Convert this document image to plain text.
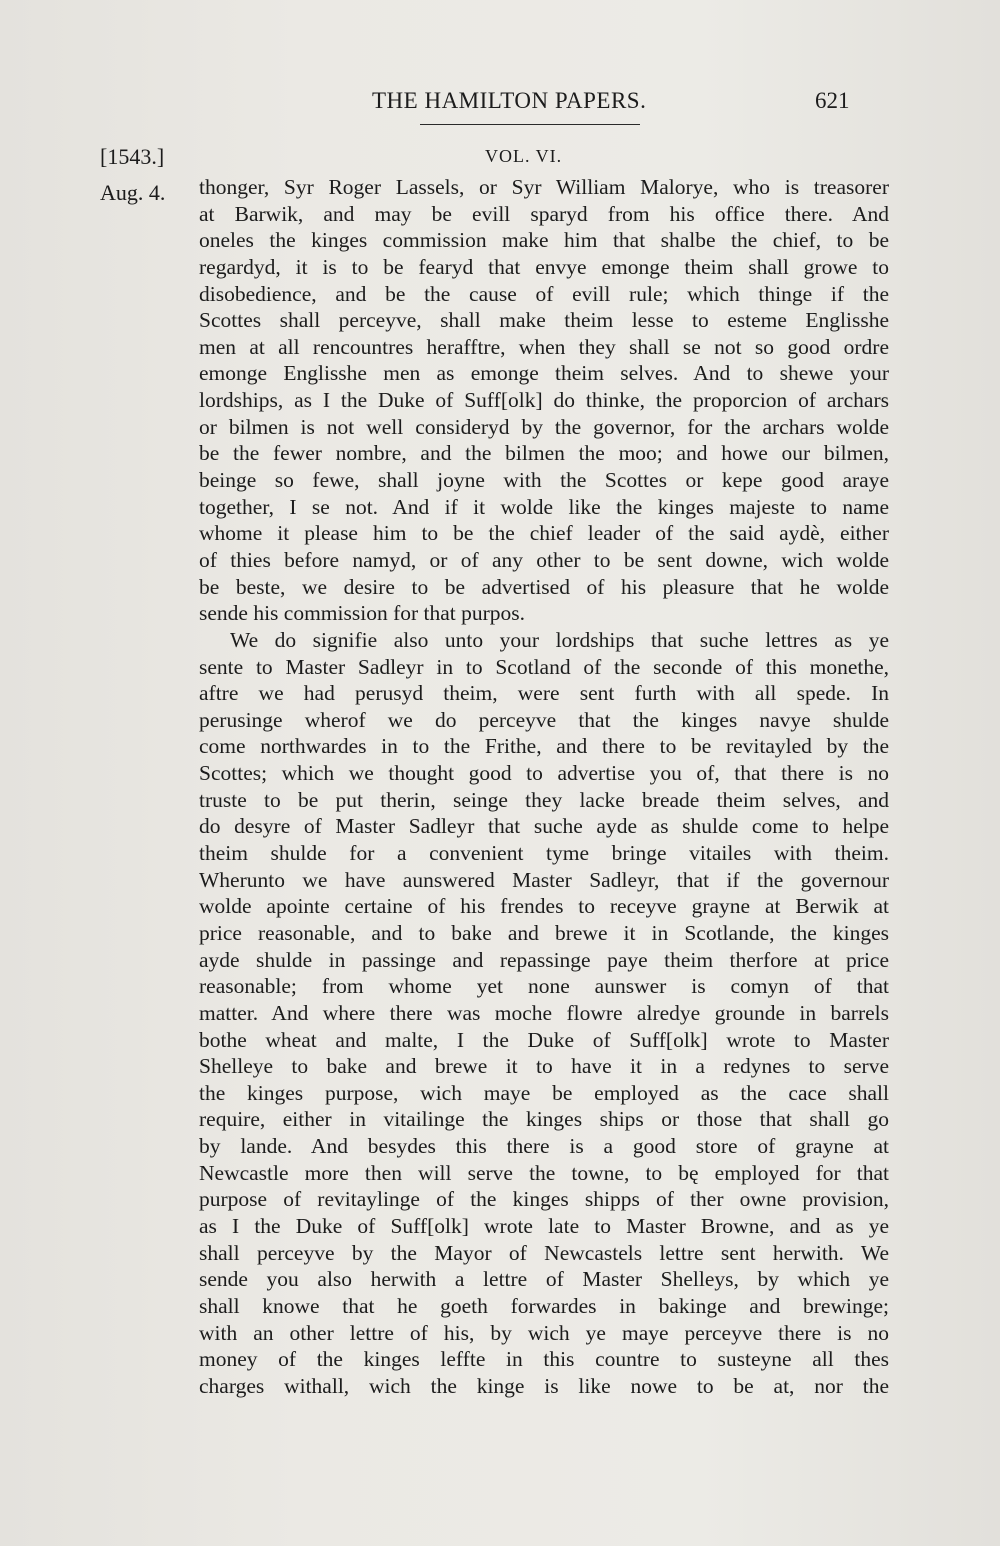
THE HAMILTON PAPERS.	621
[1543.]	VOL. VI.
Aug. 4. thonger, Syr Roger Lassels, or Syr William Malorye, who is treasorer
at Barwik, and may be evill sparyd from his office there. And
oneles the kinges commission make him that shalbe the chief, to be
regardyd, it is to be fearyd that envye emonge theim shall growe to
disobedience, and be the cause of evill rule; which thinge if the
Scottes shall perceyve, shall make theim lesse to esteme Englisshe
men at all rencountres herafftre, when they shall se not so good ordre
emonge Englisshe men as emonge theim selves. And to shewe your
lordships, as I the Duke of Suff[olk] do thinke, the proporcion of archars
or bilmen is not well consideryd by the governor, for the archars wolde
be the fewer nombre, and the bilmen the moo; and howe our bilmen,
beinge so fewe, shall joyne with the Scottes or kepe good araye
together, I se not. And if it wolde like the kinges majeste to name
whome it please him to be the chief leader of the said aydè, either
of thies before namyd, or of any other to be sent downe, wich wolde
be beste, we desire to be advertised of his pleasure that he wolde
sende his commission for that purpos.
We do signifie also unto your lordships that suche lettres as ye
sente to Master Sadleyr in to Scotland of the seconde of this monethe,
aftre we had perusyd theim, were sent furth with all spede. In
perusinge wherof we do perceyve that the kinges navye shulde
come northwardes in to the Frithe, and there to be revitayled by the
Scottes; which we thought good to advertise you of, that there is no
truste to be put therin, seinge they lacke breade theim selves, and
do desyre of Master Sadleyr that suche ayde as shulde come to helpe
theim shulde for a convenient tyme bringe vitailes with theim.
Wherunto we have aunswered Master Sadleyr, that if the governour
wolde apointe certaine of his frendes to receyve grayne at Berwik at
price reasonable, and to bake and brewe it in Scotlande, the kinges
ayde shulde in passinge and repassinge paye theim therfore at price
reasonable; from whome yet none aunswer is comyn of that
matter. And where there was moche flowre alredye grounde in barrels
bothe wheat and malte, I the Duke of Suff[olk] wrote to Master
Shelleye to bake and brewe it to have it in a redynes to serve
the kinges purpose, wich maye be employed as the cace shall
require, either in vitailinge the kinges ships or those that shall go
by lande. And besydes this there is a good store of grayne at
Newcastle more then will serve the towne, to bę employed for that
purpose of revitaylinge of the kinges shipps of ther owne provision,
as I the Duke of Suff[olk] wrote late to Master Browne, and as ye
shall perceyve by the Mayor of Newcastels lettre sent herwith. We
sende you also herwith a lettre of Master Shelleys, by which ye
shall knowe that he goeth forwardes in bakinge and brewinge;
with an other lettre of his, by wich ye maye perceyve there is no
money of the kinges leffte in this countre to susteyne all thes
charges withall, wich the kinge is like nowe to be at, nor the
